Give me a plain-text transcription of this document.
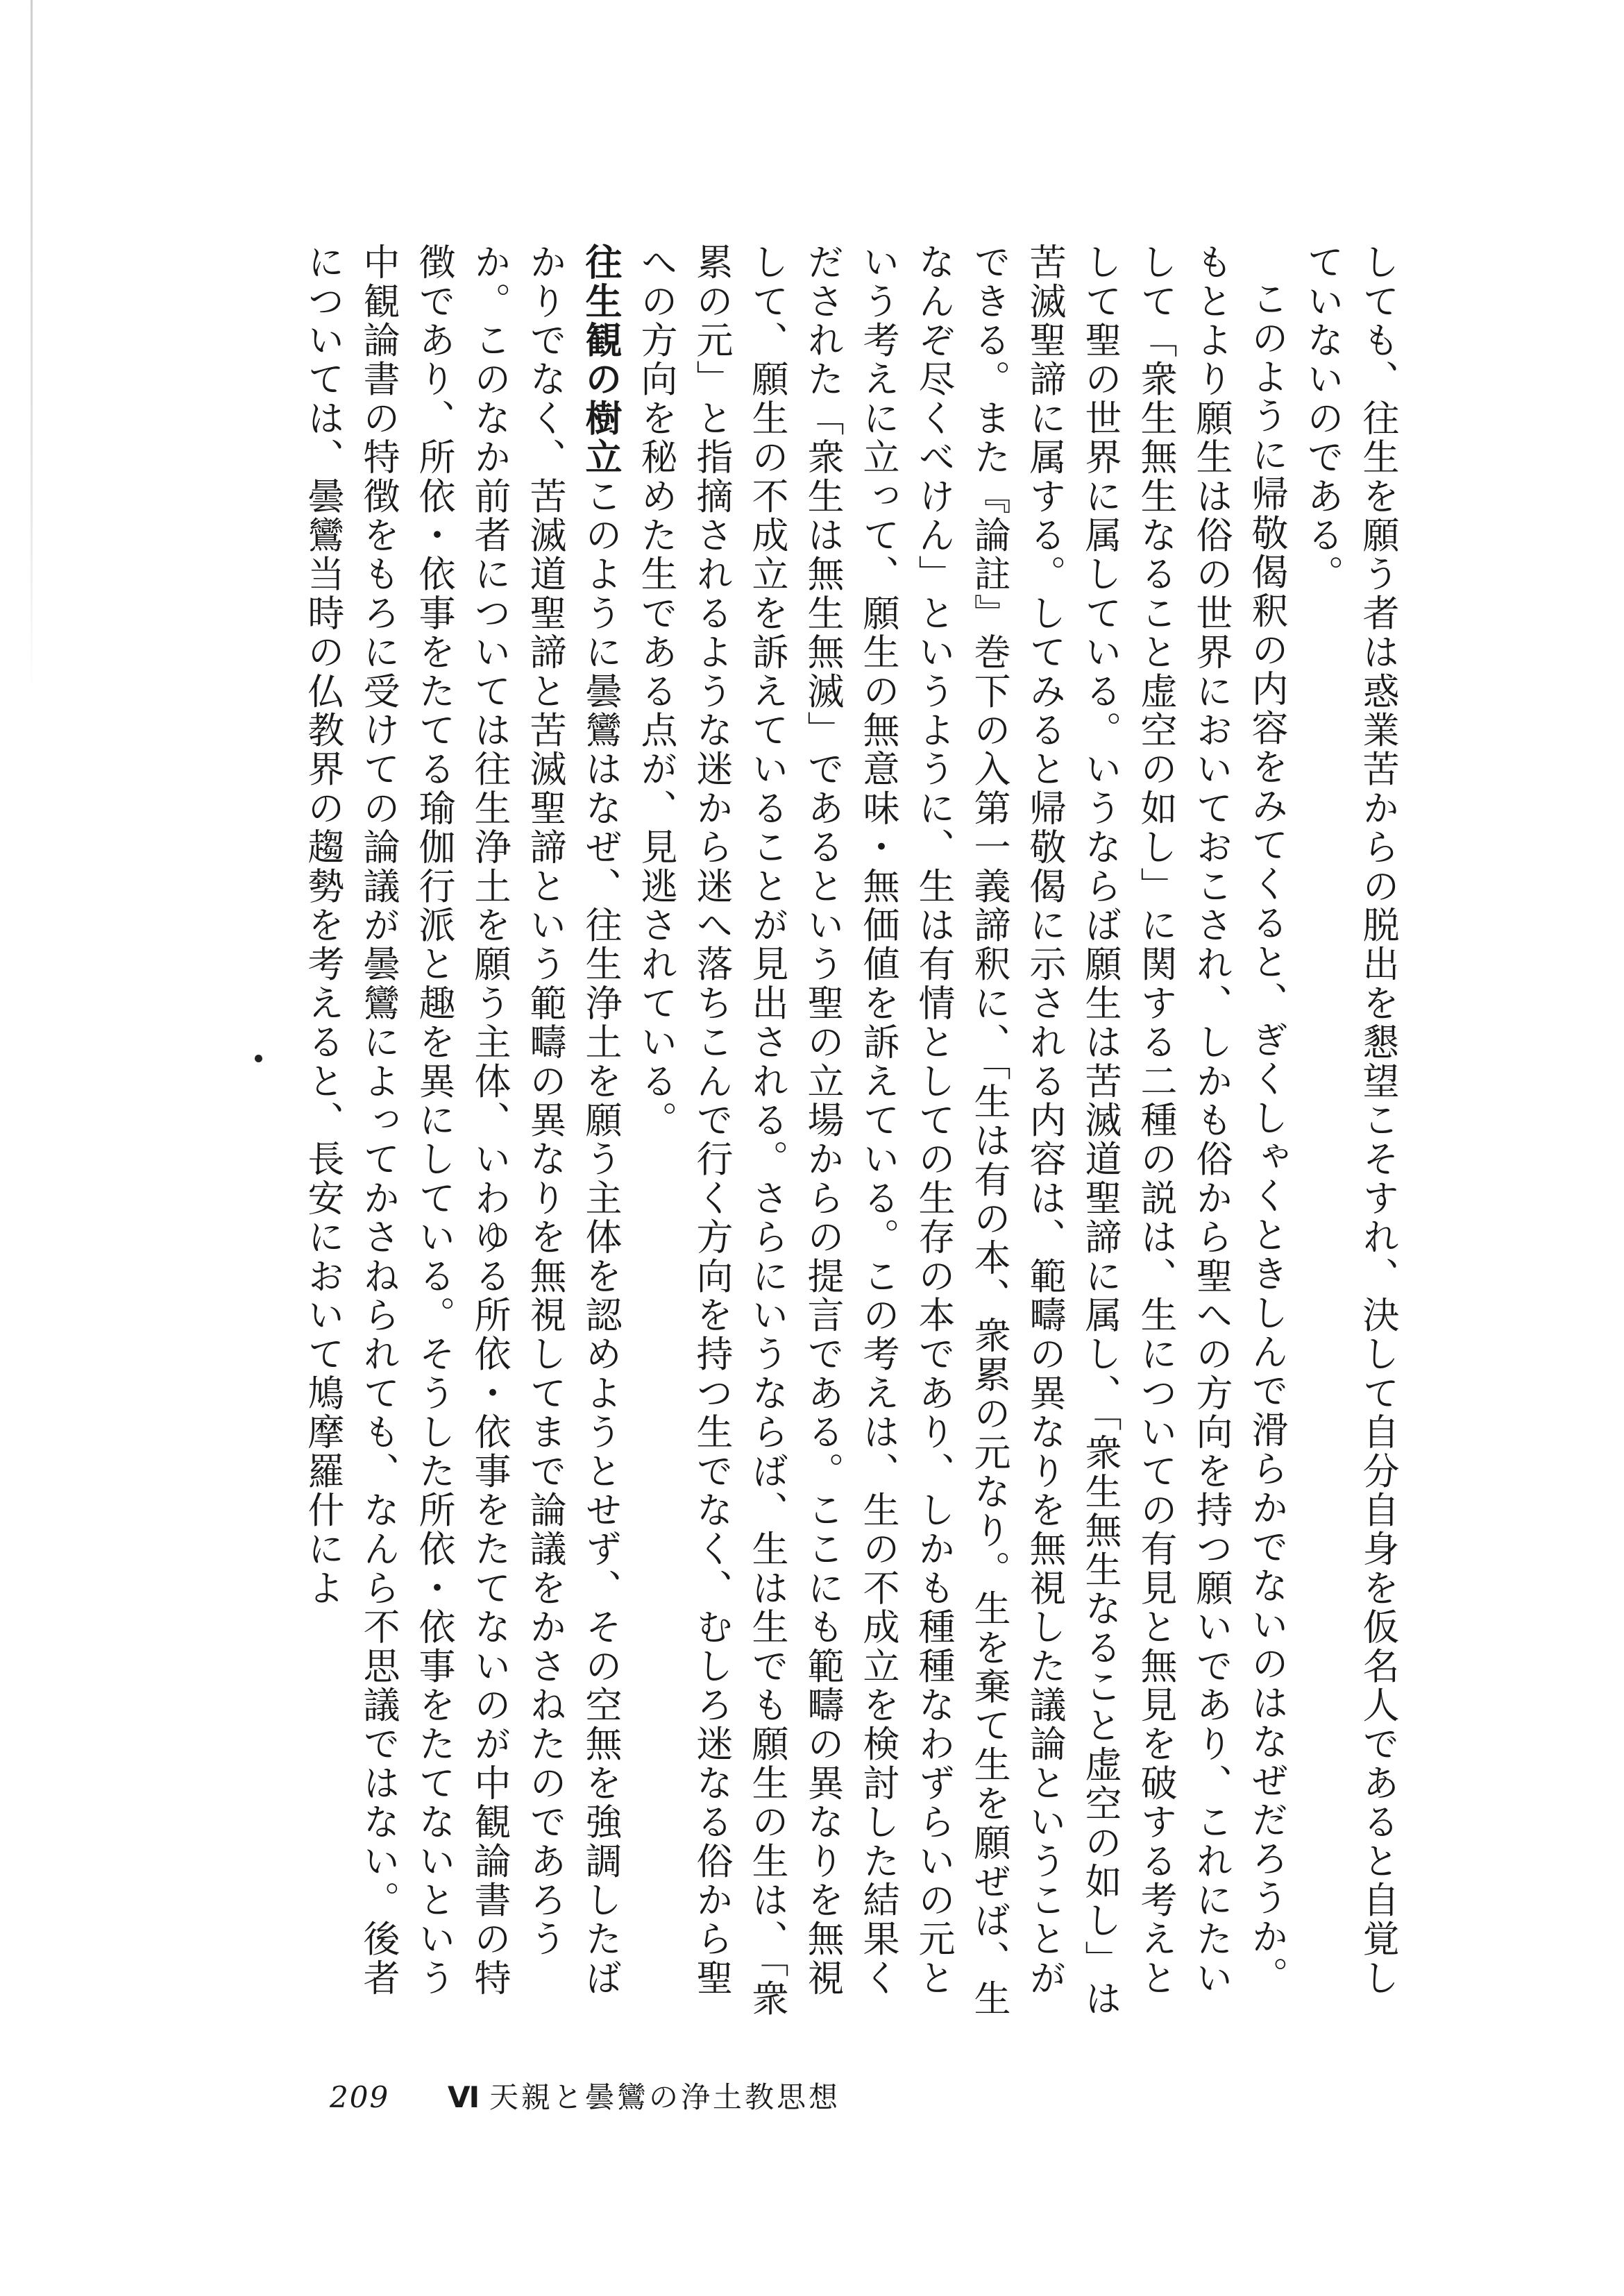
しても、往生を願う者は惑業苦からの脱出を懇望こそすれ、決して自分自身を仮名人であると自覚していないのである。

このように帰敬偈釈の内容をみてくると、ぎくしゃくときしんで滑らかでないのはなぜだろうか。もとより願生は俗の世界においておこされ、しかも俗から聖への方向を持つ願いであり、これにたいして「衆生無生なること虚空の如し」に関する二種の説は、生についての有見と無見を破する考えとして聖の世界に属している。いうならば願生は苦滅道聖諦に属し、「衆生無生なること虚空の如し」は苦滅聖諦に属する。してみると帰敬偈に示される内容は、範疇の異なりを無視した議論ということができる。また『論註』巻下の入第一義諦釈に、「生は有の本、衆累の元なり。生を棄て生を願ぜば、生なんぞ尽くべけん」というように、生は有情としての生存の本であり、しかも種種なわずらいの元という考えに立って、願生の無意味・無価値を訴えている。この考えは、生の不成立を検討した結果くだされた「衆生は無生無滅」であるという聖の立場からの提言である。ここにも範疇の異なりを無視して、願生の不成立を訴えていることが見出される。さらにいうならば、生は生でも願生の生は、「衆累の元」と指摘されるような迷から迷へ落ちこんで行く方向を持つ生でなく、むしろ迷なる俗から聖への方向を秘めた生である点が、見逃されている。

往生観の樹立このように曇鸞はなぜ、往生浄土を願う主体を認めようとせず、その空無を強調したばかりでなく、苦滅道聖諦と苦滅聖諦という範疇の異なりを無視してまで論議をかさねたのであろうか。このなか前者については往生浄土を願う主体、いわゆる所依・依事をたてないのが中観論書の特徴であり、所依・依事をたてる瑜伽行派と趣を異にしている。そうした所依・依事をたてないという中観論書の特徴をもろに受けての論議が曇鸞によってかさねられても、なんら不思議ではない。後者については、曇鸞当時の仏教界の趨勢を考えると、長安において鳩摩羅什によ

209	Ⅵ 天親と曇鸞の浄土教思想
